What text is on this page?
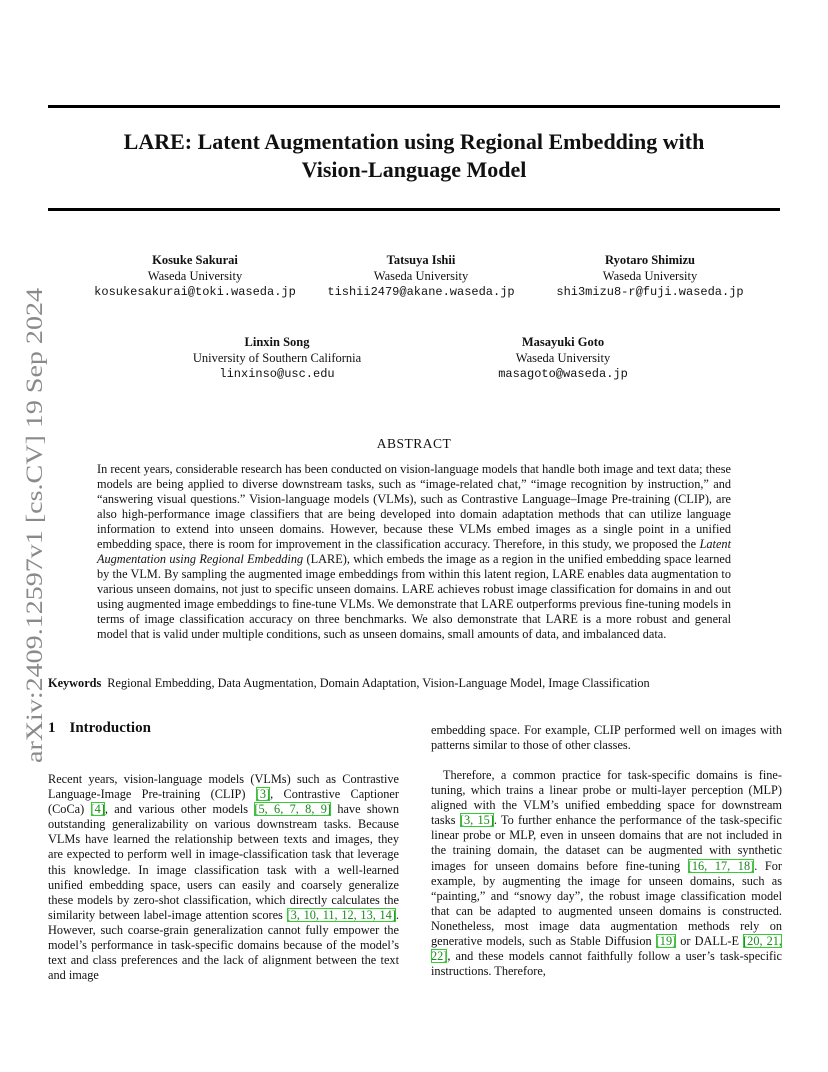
LARE: Latent Augmentation using Regional Embedding with
Vision-Language Model
arXiv:2409.12597v1 [cs.CV] 19 Sep 2024
Kosuke Sakurai
Waseda University
kosukesakurai@toki.waseda.jp
Tatsuya Ishii
Waseda University
tishii2479@akane.waseda.jp
Ryotaro Shimizu
Waseda University
shi3mizu8-r@fuji.waseda.jp
Linxin Song
University of Southern California
linxinso@usc.edu
Masayuki Goto
Waseda University
masagoto@waseda.jp
ABSTRACT

In recent years, considerable research has been conducted on vision-language models that handle both image and text data; these models are being applied to diverse downstream tasks, such as “image-related chat,” “image recognition by instruction,” and “answering visual questions.” Vision-language models (VLMs), such as Contrastive Language–Image Pre-training (CLIP), are also high-performance image classifiers that are being developed into domain adaptation methods that can utilize language information to extend into unseen domains. However, because these VLMs embed images as a single point in a unified embedding space, there is room for improvement in the classification accuracy. Therefore, in this study, we proposed the Latent Augmentation using Regional Embedding (LARE), which embeds the image as a region in the unified embedding space learned by the VLM. By sampling the augmented image embeddings from within this latent region, LARE enables data augmentation to various unseen domains, not just to specific unseen domains. LARE achieves robust image classification for domains in and out using augmented image embeddings to fine-tune VLMs. We demonstrate that LARE outperforms previous fine-tuning models in terms of image classification accuracy on three benchmarks. We also demonstrate that LARE is a more robust and general model that is valid under multiple conditions, such as unseen domains, small amounts of data, and imbalanced data.

Keywords Regional Embedding, Data Augmentation, Domain Adaptation, Vision-Language Model, Image Classification

1 Introduction

Recent years, vision-language models (VLMs) such as Contrastive Language-Image Pre-training (CLIP) [3], Contrastive Captioner (CoCa) [4], and various other models [5, 6, 7, 8, 9] have shown outstanding generalizability on various downstream tasks. Because VLMs have learned the relationship between texts and images, they are expected to perform well in image-classification task that leverage this knowledge. In image classification task with a well-learned unified embedding space, users can easily and coarsely generalize these models by zero-shot classification, which directly calculates the similarity between label-image attention scores [3, 10, 11, 12, 13, 14]. However, such coarse-grain generalization cannot fully empower the model’s performance in task-specific domains because of the model’s text and class preferences and the lack of alignment between the text and image

embedding space. For example, CLIP performed well on images with patterns similar to those of other classes.

Therefore, a common practice for task-specific domains is fine-tuning, which trains a linear probe or multi-layer perception (MLP) aligned with the VLM’s unified embedding space for downstream tasks [3, 15]. To further enhance the performance of the task-specific linear probe or MLP, even in unseen domains that are not included in the training domain, the dataset can be augmented with synthetic images for unseen domains before fine-tuning [16, 17, 18]. For example, by augmenting the image for unseen domains, such as “painting,” and “snowy day”, the robust image classification model that can be adapted to augmented unseen domains is constructed. Nonetheless, most image data augmentation methods rely on generative models, such as Stable Diffusion [19] or DALL-E [20, 21, 22], and these models cannot faithfully follow a user’s task-specific instructions. Therefore,
